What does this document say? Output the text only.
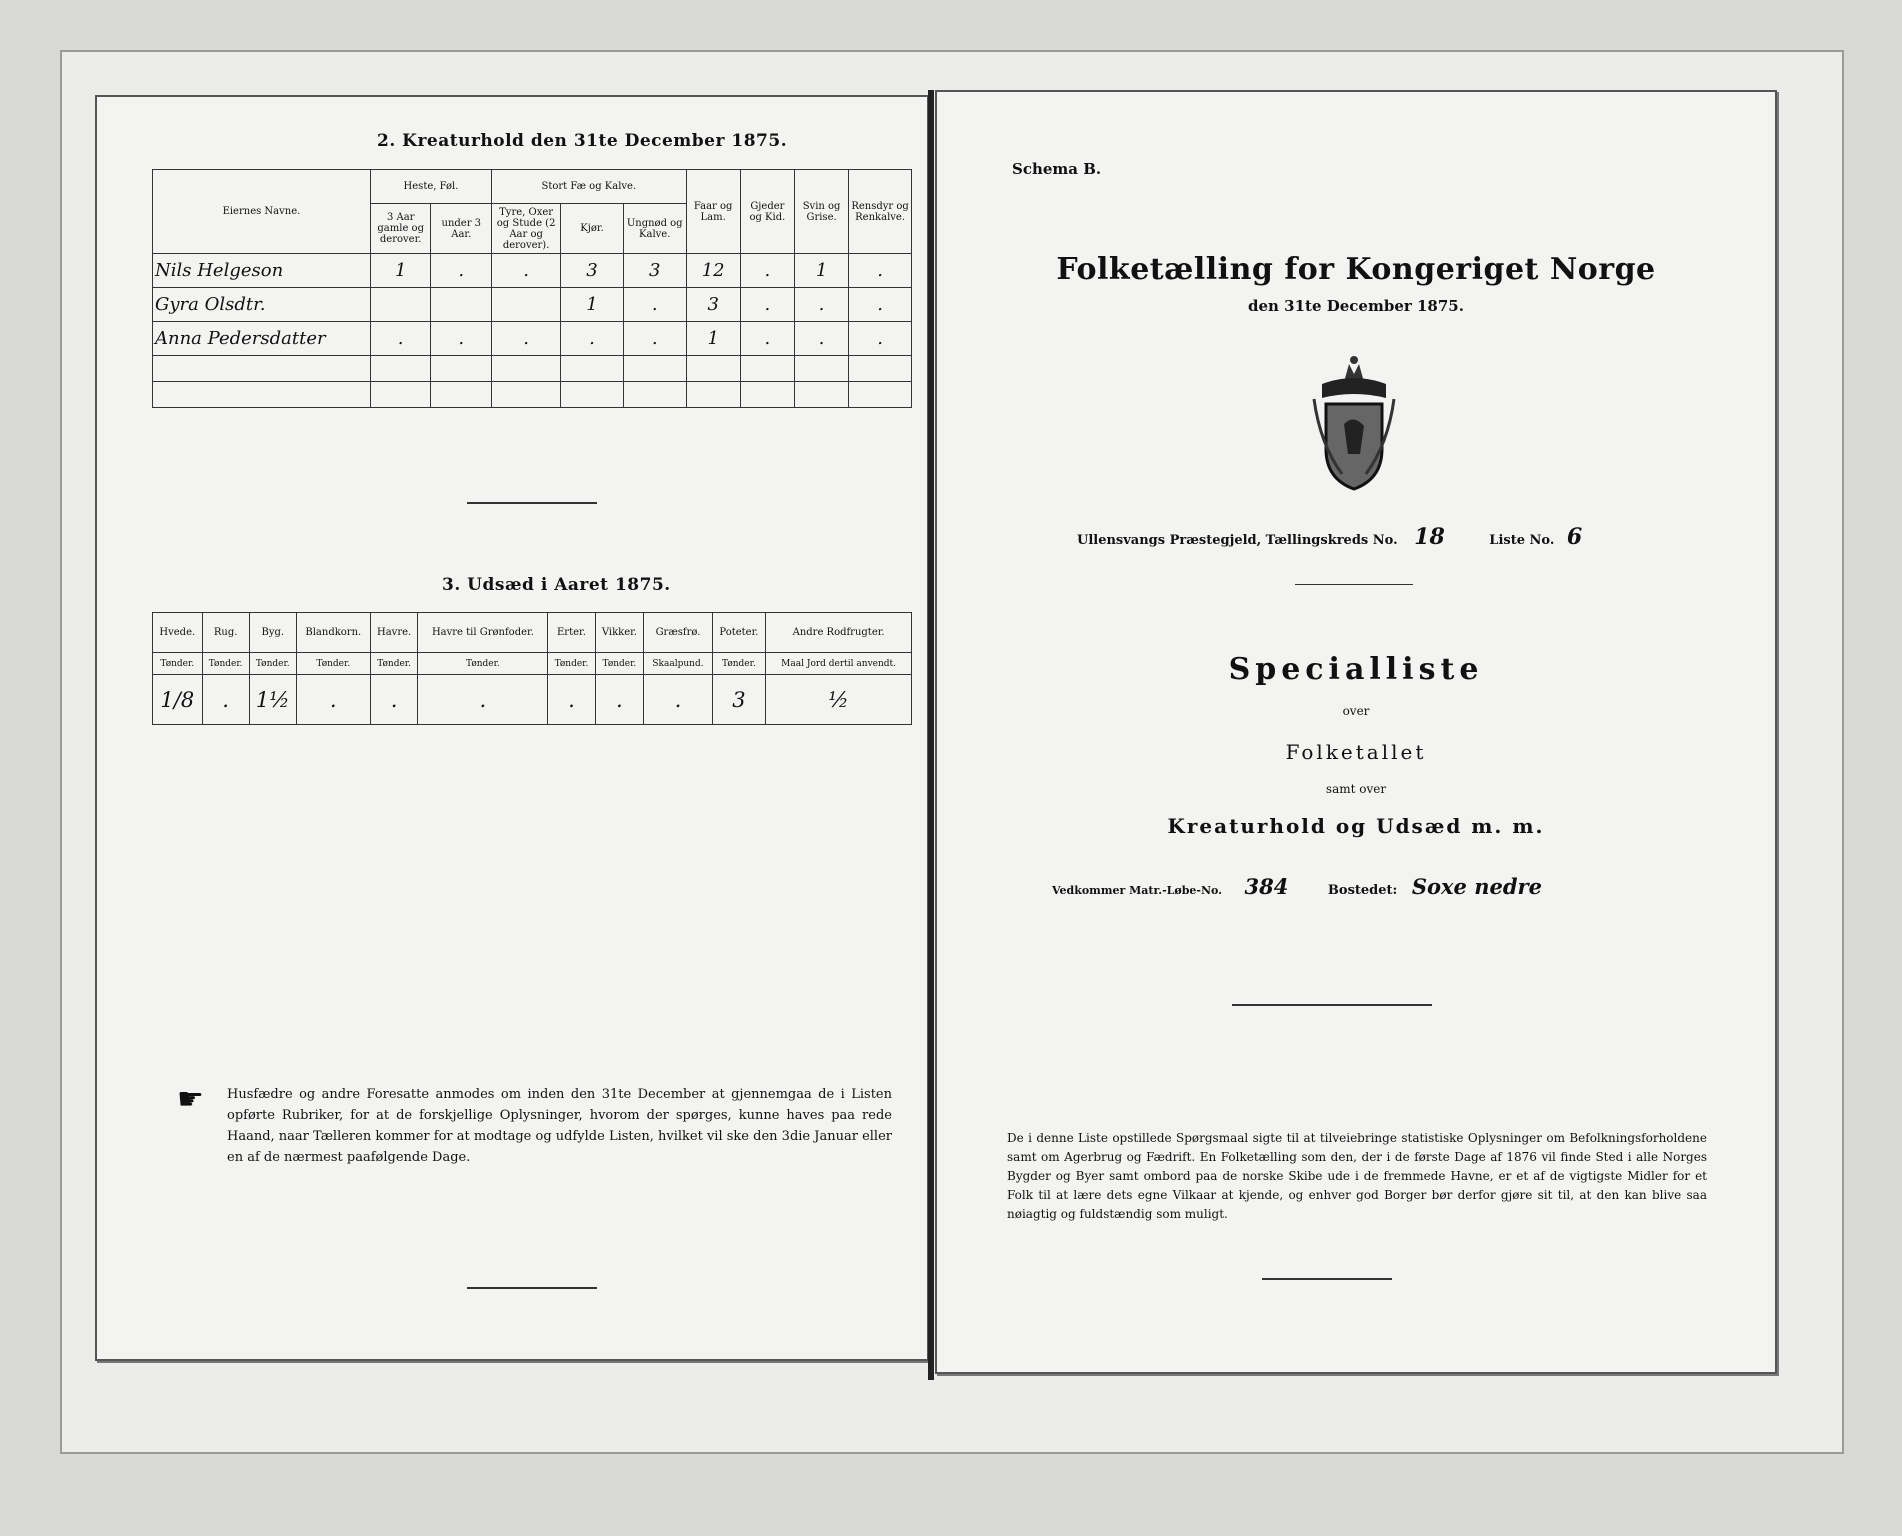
2. Kreaturhold den 31te December 1875.
Eiernes Navne.	Heste, Føl.		Stort Fæ og Kalve.			Faar og Lam.	Gjeder og Kid.	Svin og Grise.	Rensdyr og Renkalve.
	3 Aar gamle og derover.	under 3 Aar.	Tyre, Oxer og Stude (2 Aar og derover).	Kjør.	Ungnød og Kalve.				
Nils Helgeson	1	․	․	3	3	12	․	1	․
Gyra Olsdtr.				1	․	3	․	․	․
Anna Pedersdatter	․	․	․	․	․	1	․	․	․

3. Udsæd i Aaret 1875.
Hvede.	Rug.	Byg.	Blandkorn.	Havre.	Havre til Grønfoder.	Erter.	Vikker.	Græsfrø.	Poteter.	Andre Rodfrugter.
Tønder.	Tønder.	Tønder.	Tønder.	Tønder.	Tønder.	Tønder.	Tønder.	Skaalpund.	Tønder.	Maal Jord dertil anvendt.
1/8	․	1½	․	․	․	․	․	․	3	½
☛ Husfædre og andre Foresatte anmodes om inden den 31te December at gjennemgaa de i Listen opførte Rubriker, for at de forskjellige Oplysninger, hvorom der spørges, kunne haves paa rede Haand, naar Tælleren kommer for at modtage og udfylde Listen, hvilket vil ske den 3die Januar eller en af de nærmest paafølgende Dage.
Schema B.
Folketælling for Kongeriget Norge
den 31te December 1875.
Ullensvangs Præstegjeld, Tællingskreds No. 18	Liste No. 6
Specialliste
over
Folketallet
samt over
Kreaturhold og Udsæd m. m.
Vedkommer Matr.-Løbe-No. 384	Bostedet: Soxe nedre
De i denne Liste opstillede Spørgsmaal sigte til at tilveiebringe statistiske Oplysninger om Befolkningsforholdene samt om Agerbrug og Fædrift. En Folketælling som den, der i de første Dage af 1876 vil finde Sted i alle Norges Bygder og Byer samt ombord paa de norske Skibe ude i de fremmede Havne, er et af de vigtigste Midler for et Folk til at lære dets egne Vilkaar at kjende, og enhver god Borger bør derfor gjøre sit til, at den kan blive saa nøiagtig og fuldstændig som muligt.
